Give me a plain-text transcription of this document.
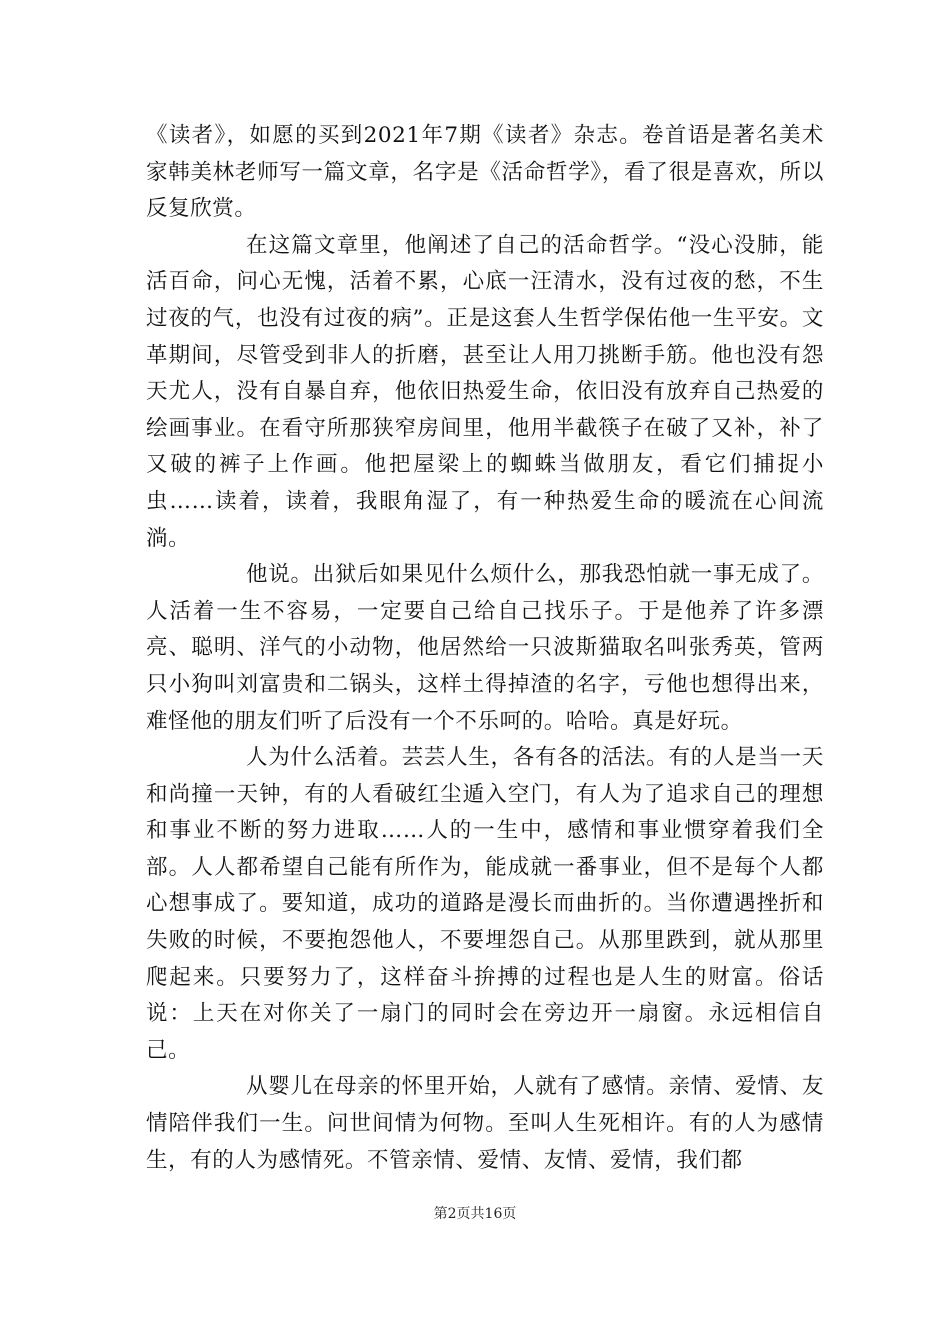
《读者》，如愿的买到2021年7期《读者》杂志。卷首语是著名美术家韩美林老师写一篇文章，名字是《活命哲学》，看了很是喜欢，所以反复欣赏。

在这篇文章里，他阐述了自己的活命哲学。“没心没肺，能活百命，问心无愧，活着不累，心底一汪清水，没有过夜的愁，不生过夜的气，也没有过夜的病”。正是这套人生哲学保佑他一生平安。文革期间，尽管受到非人的折磨，甚至让人用刀挑断手筋。他也没有怨天尤人，没有自暴自弃，他依旧热爱生命，依旧没有放弃自己热爱的绘画事业。在看守所那狭窄房间里，他用半截筷子在破了又补，补了又破的裤子上作画。他把屋梁上的蜘蛛当做朋友，看它们捕捉小虫……读着，读着，我眼角湿了，有一种热爱生命的暖流在心间流淌。

他说。出狱后如果见什么烦什么，那我恐怕就一事无成了。人活着一生不容易，一定要自己给自己找乐子。于是他养了许多漂亮、聪明、洋气的小动物，他居然给一只波斯猫取名叫张秀英，管两只小狗叫刘富贵和二锅头，这样土得掉渣的名字，亏他也想得出来，难怪他的朋友们听了后没有一个不乐呵的。哈哈。真是好玩。

人为什么活着。芸芸人生，各有各的活法。有的人是当一天和尚撞一天钟，有的人看破红尘遁入空门，有人为了追求自己的理想和事业不断的努力进取……人的一生中，感情和事业惯穿着我们全部。人人都希望自己能有所作为，能成就一番事业，但不是每个人都心想事成了。要知道，成功的道路是漫长而曲折的。当你遭遇挫折和失败的时候，不要抱怨他人，不要埋怨自己。从那里跌到，就从那里爬起来。只要努力了，这样奋斗拚搏的过程也是人生的财富。俗话说：上天在对你关了一扇门的同时会在旁边开一扇窗。永远相信自己。

从婴儿在母亲的怀里开始，人就有了感情。亲情、爱情、友情陪伴我们一生。问世间情为何物。至叫人生死相许。有的人为感情生，有的人为感情死。不管亲情、爱情、友情、爱情，我们都

第2页共16页
